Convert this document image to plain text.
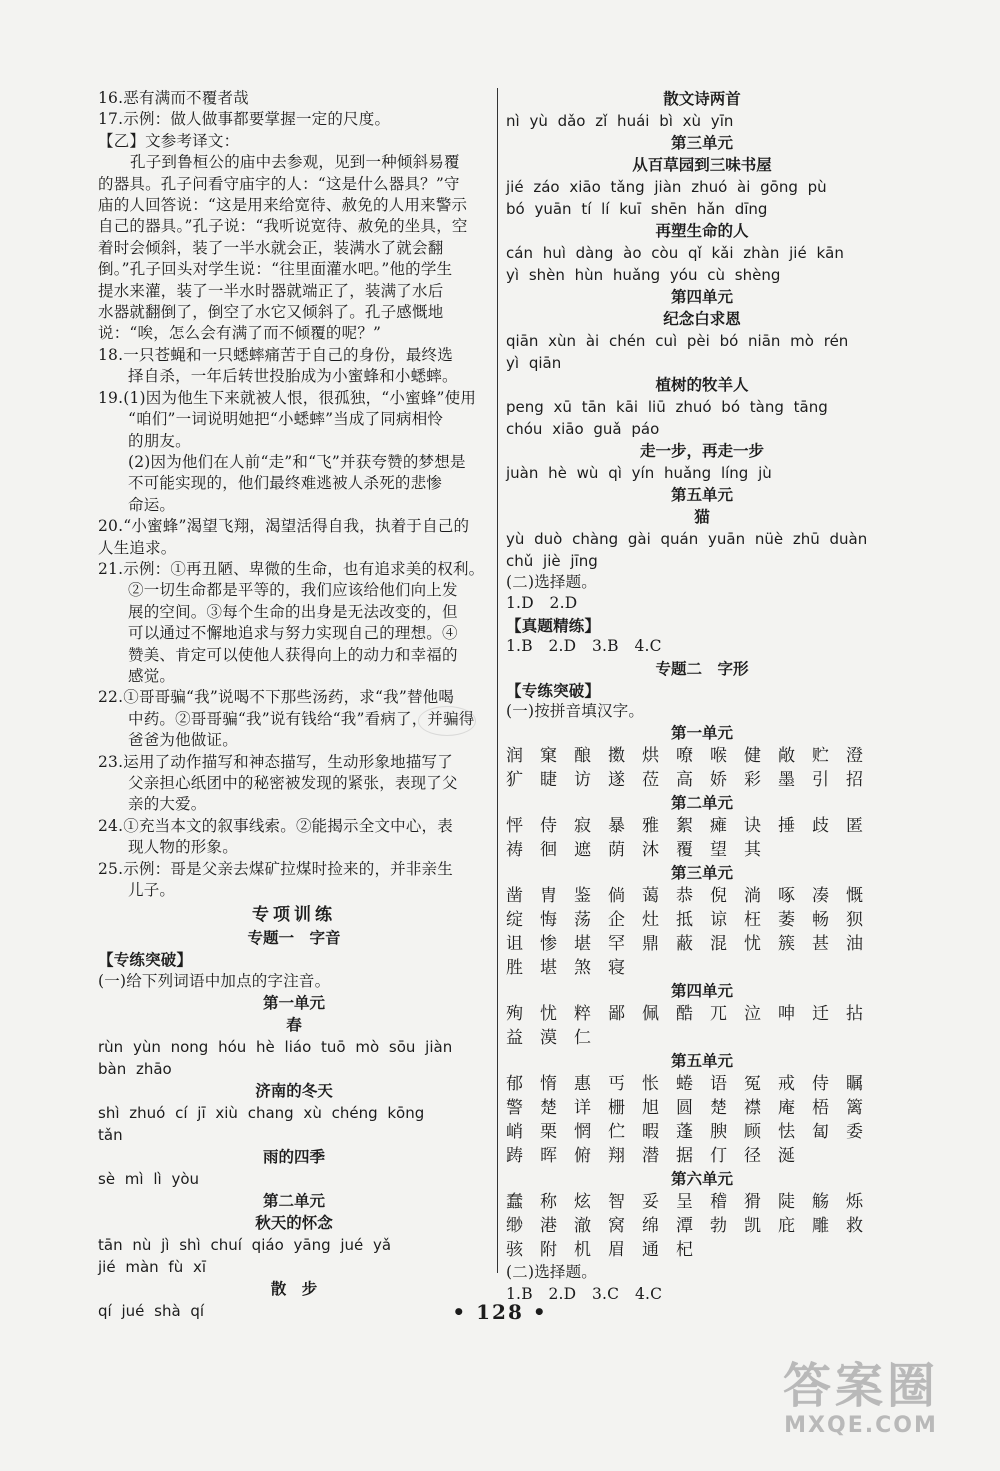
16.恶有满而不覆者哉
17.示例：做人做事都要掌握一定的尺度。
【乙】文参考译文：
孔子到鲁桓公的庙中去参观，见到一种倾斜易覆
的器具。孔子问看守庙宇的人：“这是什么器具？”守
庙的人回答说：“这是用来给宽待、赦免的人用来警示
自己的器具。”孔子说：“我听说宽待、赦免的坐具，空
着时会倾斜，装了一半水就会正，装满水了就会翻
倒。”孔子回头对学生说：“往里面灌水吧。”他的学生
提水来灌，装了一半水时器就端正了，装满了水后
水器就翻倒了，倒空了水它又倾斜了。孔子感慨地
说：“唉，怎么会有满了而不倾覆的呢？”
18.一只苍蝇和一只蟋蟀痛苦于自己的身份，最终选
择自杀，一年后转世投胎成为小蜜蜂和小蟋蟀。
19.(1)因为他生下来就被人恨，很孤独，“小蜜蜂”使用
“咱们”一词说明她把“小蟋蟀”当成了同病相怜
的朋友。
(2)因为他们在人前“走”和“飞”并获夸赞的梦想是
不可能实现的，他们最终难逃被人杀死的悲惨
命运。
20.“小蜜蜂”渴望飞翔，渴望活得自我，执着于自己的
人生追求。
21.示例：①再丑陋、卑微的生命，也有追求美的权利。
②一切生命都是平等的，我们应该给他们向上发
展的空间。③每个生命的出身是无法改变的，但
可以通过不懈地追求与努力实现自己的理想。④
赞美、肯定可以使他人获得向上的动力和幸福的
感觉。
22.①哥哥骗“我”说喝不下那些汤药，求“我”替他喝
中药。②哥哥骗“我”说有钱给“我”看病了，并骗得
爸爸为他做证。
23.运用了动作描写和神态描写，生动形象地描写了
父亲担心纸团中的秘密被发现的紧张，表现了父
亲的大爱。
24.①充当本文的叙事线索。②能揭示全文中心，表
现人物的形象。
25.示例：哥是父亲去煤矿拉煤时捡来的，并非亲生
儿子。
专项训练
专题一　字音
【专练突破】
(一)给下列词语中加点的字注音。
第一单元
春
rùn yùn nong hóu hè liáo tuō mò sōu jiàn
bàn zhāo
济南的冬天
shì zhuó cí jī xiù chang xù chéng kōng
tǎn
雨的四季
sè mì lì yòu
第二单元
秋天的怀念
tān nù jì shì chuí qiáo yāng jué yǎ
jié màn fù xī
散　步
qí jué shà qí
散文诗两首
nì yù dǎo zǐ huái bì xù yīn
第三单元
从百草园到三味书屋
jié záo xiāo tǎng jiàn zhuó ài gōng pù
bó yuān tí lí kuī shēn hǎn dīng
再塑生命的人
cán huì dàng ào còu qǐ kǎi zhàn jié kān
yì shèn hùn huǎng yóu cù shèng
第四单元
纪念白求恩
qiān xùn ài chén cuì pèi bó niān mò rén
yì qiān
植树的牧羊人
peng xū tān kāi liū zhuó bó tàng tāng
chóu xiāo guǎ páo
走一步，再走一步
juàn hè wù qì yín huǎng líng jù
第五单元
猫
yù duò chàng gài quán yuān nüè zhū duàn
chǔ jiè jīng
(二)选择题。
1.D　2.D
【真题精练】
1.B　2.D　3.B　4.C
专题二　字形
【专练突破】
(一)按拼音填汉字。
第一单元
润窠酿擞烘嘹喉健敞贮澄
犷睫访遂莅高娇彩墨引招
第二单元
怦侍寂暴雅絮瘫诀捶歧匿
祷徊遮荫沐覆望其
第三单元
凿胄鉴倘蔼恭倪淌啄凑慨
绽悔荡企灶抵谅枉萎畅狈
诅惨堪罕鼎蔽混忧簇甚油
胜堪煞寝
第四单元
殉忧粹鄙佩酷兀泣呻迁拈
益漠仁
第五单元
郁惰惠丐怅蜷语冤戒侍瞩
警楚详栅旭圆楚襟庵梧篱
峭栗惘伫暇蓬腴顾怯匐委
踌晖俯翔潜据仃径涎
第六单元
蠢称炫智妥呈稽猾陡觞烁
缈港澈窝绵潭勃凯庇雕救
骇附机眉通杞
(二)选择题。
1.B　2.D　3.C　4.C
• 128 •
答案圈
MXQE.COM
